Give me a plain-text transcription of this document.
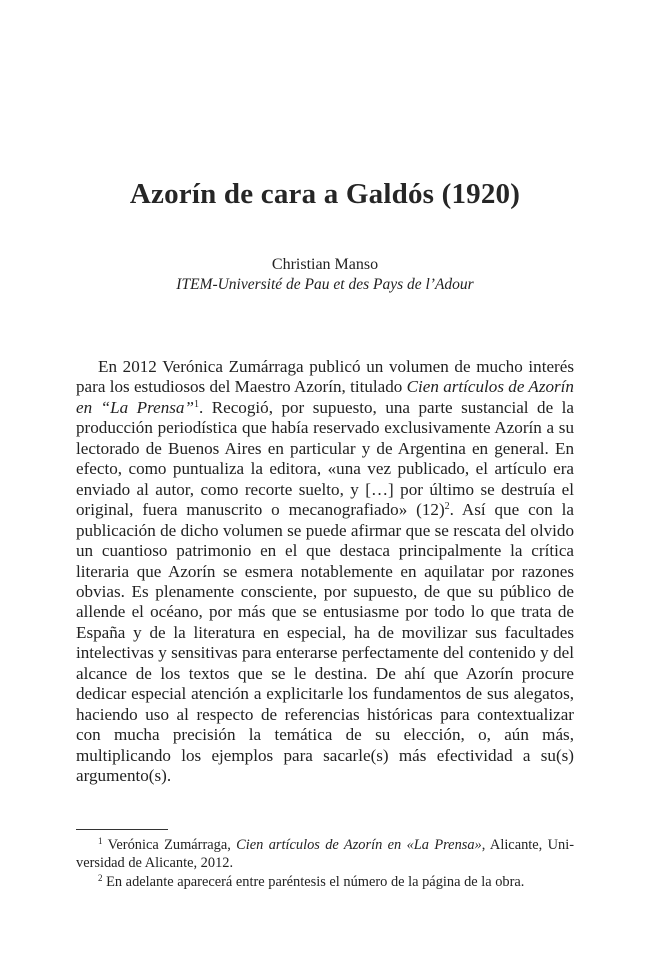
Azorín de cara a Galdós (1920)
Christian Manso
ITEM-Université de Pau et des Pays de l’Adour

En 2012 Verónica Zumárraga publicó un volumen de mucho interés para los estudiosos del Maestro Azorín, titulado Cien artículos de Azorín en “La Prensa”$^1$. Recogió, por supuesto, una parte sustancial de la producción periodística que había reservado exclusivamente Azorín a su lectorado de Buenos Aires en particular y de Argentina en general. En efecto, como puntualiza la editora, «una vez publicado, el artículo era enviado al autor, como recorte suelto, y […] por último se destruía el original, fuera manuscrito o mecanografiado» $(12)^2$. Así que con la publicación de dicho volumen se puede afirmar que se rescata del olvido un cuantioso patrimonio en el que destaca principalmente la crítica literaria que Azorín se esmera notablemente en aquilatar por razones obvias. Es plenamente consciente, por supuesto, de que su público de allende el océano, por más que se entusiasme por todo lo que trata de España y de la literatura en especial, ha de movilizar sus facultades intelectivas y sensitivas para enterarse perfectamente del contenido y del alcance de los textos que se le destina. De ahí que Azorín procure dedicar especial atención a explicitarle los fundamentos de sus alegatos, haciendo uso al respecto de referencias históricas para contextualizar con mucha precisión la temática de su elección, o, aún más, multiplicando los ejemplos para sacarle(s) más efectividad a su(s) argumento(s).

$^1$ Verónica Zumárraga, Cien artículos de Azorín en «La Prensa», Alicante, Universidad de Alicante, 2012.

$^2$ En adelante aparecerá entre paréntesis el número de la página de la obra.
